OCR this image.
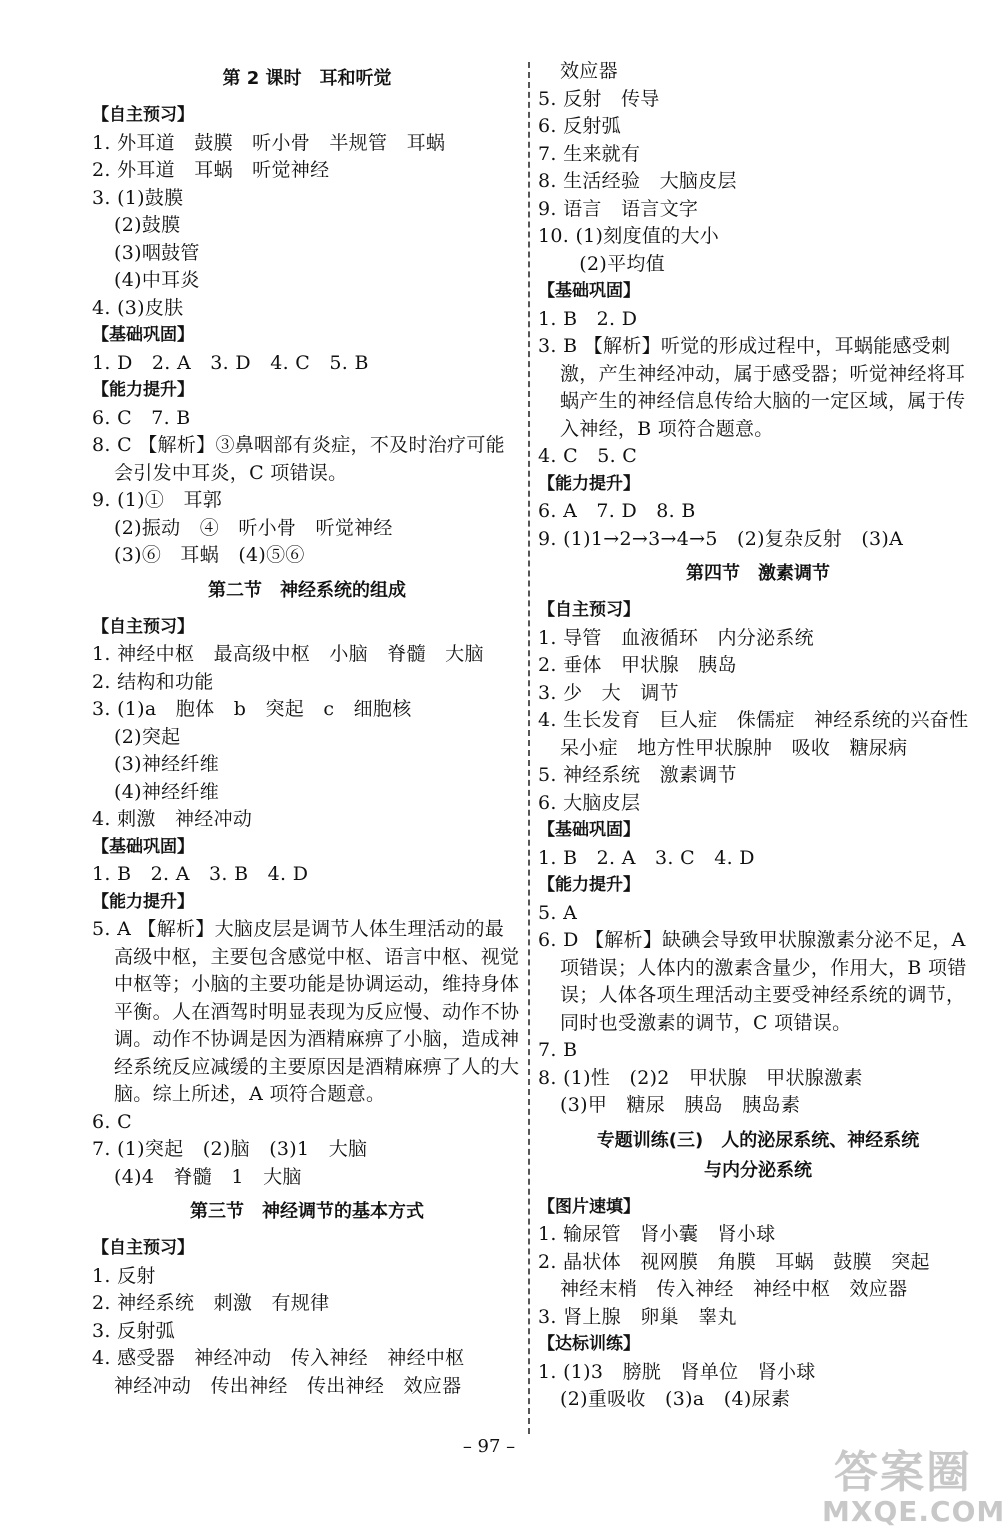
第 2 课时　耳和听觉
【自主预习】
1. 外耳道　鼓膜　听小骨　半规管　耳蜗
2. 外耳道　耳蜗　听觉神经
3. (1)鼓膜
(2)鼓膜
(3)咽鼓管
(4)中耳炎
4. (3)皮肤
【基础巩固】
1. D　2. A　3. D　4. C　5. B
【能力提升】
6. C　7. B
8. C 【解析】③鼻咽部有炎症，不及时治疗可能会引发中耳炎，C 项错误。
9. (1)①　耳郭
(2)振动　④　听小骨　听觉神经
(3)⑥　耳蜗　(4)⑤⑥
第二节　神经系统的组成
【自主预习】
1. 神经中枢　最高级中枢　小脑　脊髓　大脑
2. 结构和功能
3. (1)a　胞体　b　突起　c　细胞核
(2)突起
(3)神经纤维
(4)神经纤维
4. 刺激　神经冲动
【基础巩固】
1. B　2. A　3. B　4. D
【能力提升】
5. A 【解析】大脑皮层是调节人体生理活动的最高级中枢，主要包含感觉中枢、语言中枢、视觉中枢等；小脑的主要功能是协调运动，维持身体平衡。人在酒驾时明显表现为反应慢、动作不协调。动作不协调是因为酒精麻痹了小脑，造成神经系统反应减缓的主要原因是酒精麻痹了人的大脑。综上所述，A 项符合题意。
6. C
7. (1)突起　(2)脑　(3)1　大脑
(4)4　脊髓　1　大脑
第三节　神经调节的基本方式
【自主预习】
1. 反射
2. 神经系统　刺激　有规律
3. 反射弧
4. 感受器　神经冲动　传入神经　神经中枢
神经冲动　传出神经　传出神经　效应器
效应器
5. 反射　传导
6. 反射弧
7. 生来就有
8. 生活经验　大脑皮层
9. 语言　语言文字
10. (1)刻度值的大小
　(2)平均值
【基础巩固】
1. B　2. D
3. B 【解析】听觉的形成过程中，耳蜗能感受刺激，产生神经冲动，属于感受器；听觉神经将耳蜗产生的神经信息传给大脑的一定区域，属于传入神经，B 项符合题意。
4. C　5. C
【能力提升】
6. A　7. D　8. B
9. (1)1→2→3→4→5　(2)复杂反射　(3)A
第四节　激素调节
【自主预习】
1. 导管　血液循环　内分泌系统
2. 垂体　甲状腺　胰岛
3. 少　大　调节
4. 生长发育　巨人症　侏儒症　神经系统的兴奋性　呆小症　地方性甲状腺肿　吸收　糖尿病
5. 神经系统　激素调节
6. 大脑皮层
【基础巩固】
1. B　2. A　3. C　4. D
【能力提升】
5. A
6. D 【解析】缺碘会导致甲状腺激素分泌不足，A 项错误；人体内的激素含量少，作用大，B 项错误；人体各项生理活动主要受神经系统的调节，同时也受激素的调节，C 项错误。
7. B
8. (1)性　(2)2　甲状腺　甲状腺激素
(3)甲　糖尿　胰岛　胰岛素
专题训练(三)　人的泌尿系统、神经系统
与内分泌系统
【图片速填】
1. 输尿管　肾小囊　肾小球
2. 晶状体　视网膜　角膜　耳蜗　鼓膜　突起
神经末梢　传入神经　神经中枢　效应器
3. 肾上腺　卵巢　睾丸
【达标训练】
1. (1)3　膀胱　肾单位　肾小球
(2)重吸收　(3)a　(4)尿素
– 97 –
答案圈
MXQE.COM
